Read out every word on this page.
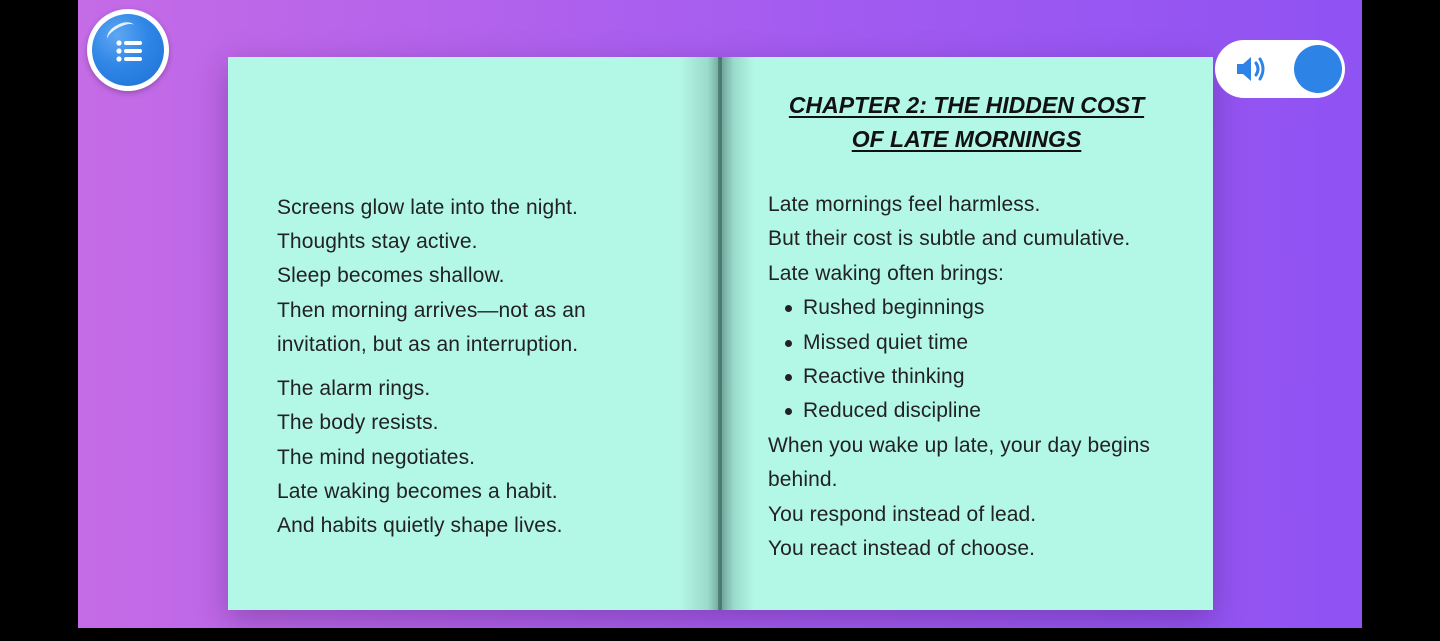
Screens glow late into the night.
Thoughts stay active.
Sleep becomes shallow.
Then morning arrives—not as an
invitation, but as an interruption.
The alarm rings.
The body resists.
The mind negotiates.
Late waking becomes a habit.
And habits quietly shape lives.
CHAPTER 2: THE HIDDEN COST
OF LATE MORNINGS
Late mornings feel harmless.
But their cost is subtle and cumulative.
Late waking often brings:
Rushed beginnings
Missed quiet time
Reactive thinking
Reduced discipline
When you wake up late, your day begins
behind.
You respond instead of lead.
You react instead of choose.
